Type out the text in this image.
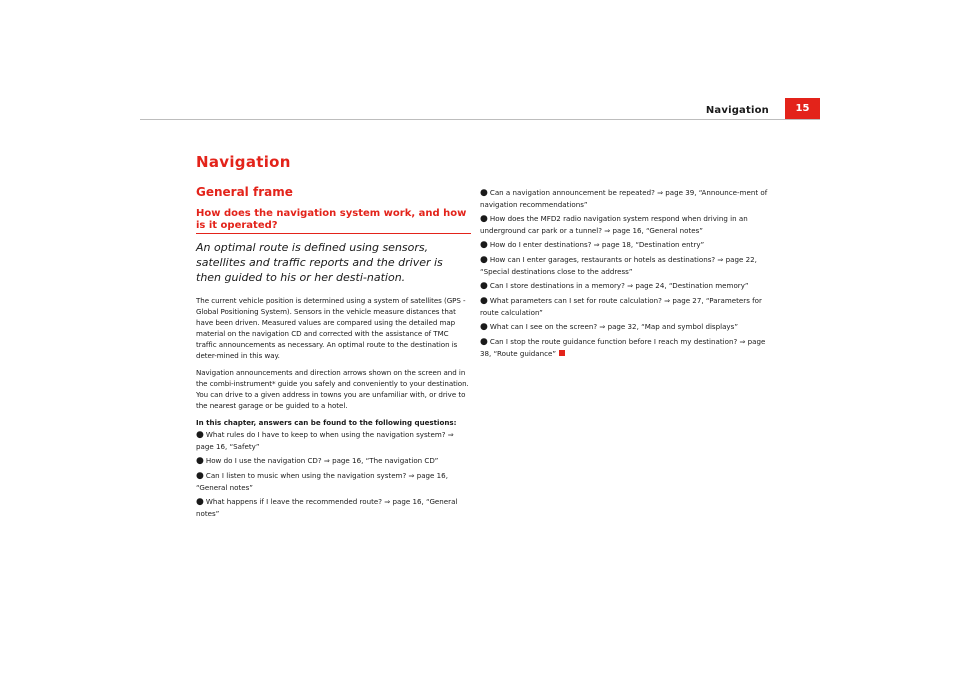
Navigation	15
Navigation
General frame
How does the navigation system work, and how is it operated?
An optimal route is defined using sensors, satellites and traffic reports and the driver is then guided to his or her desti-nation.

The current vehicle position is determined using a system of satellites (GPS - Global Positioning System). Sensors in the vehicle measure distances that have been driven. Measured values are compared using the detailed map material on the navigation CD and corrected with the assistance of TMC traffic announcements as necessary. An optimal route to the destination is deter-mined in this way.

Navigation announcements and direction arrows shown on the screen and in the combi-instrument* guide you safely and conveniently to your destination. You can drive to a given address in towns you are unfamiliar with, or drive to the nearest garage or be guided to a hotel.

In this chapter, answers can be found to the following questions:
● What rules do I have to keep to when using the navigation system? ⇒ page 16, “Safety”
● How do I use the navigation CD? ⇒ page 16, “The navigation CD”
● Can I listen to music when using the navigation system? ⇒ page 16, “General notes”
● What happens if I leave the recommended route? ⇒ page 16, “General notes”
● Can a navigation announcement be repeated? ⇒ page 39, “Announce-ment of navigation recommendations”
● How does the MFD2 radio navigation system respond when driving in an underground car park or a tunnel? ⇒ page 16, “General notes”
● How do I enter destinations? ⇒ page 18, “Destination entry”
● How can I enter garages, restaurants or hotels as destinations? ⇒ page 22, “Special destinations close to the address”
● Can I store destinations in a memory? ⇒ page 24, “Destination memory”
● What parameters can I set for route calculation? ⇒ page 27, “Parameters for route calculation”
● What can I see on the screen? ⇒ page 32, “Map and symbol displays”
● Can I stop the route guidance function before I reach my destination? ⇒ page 38, “Route guidance”
